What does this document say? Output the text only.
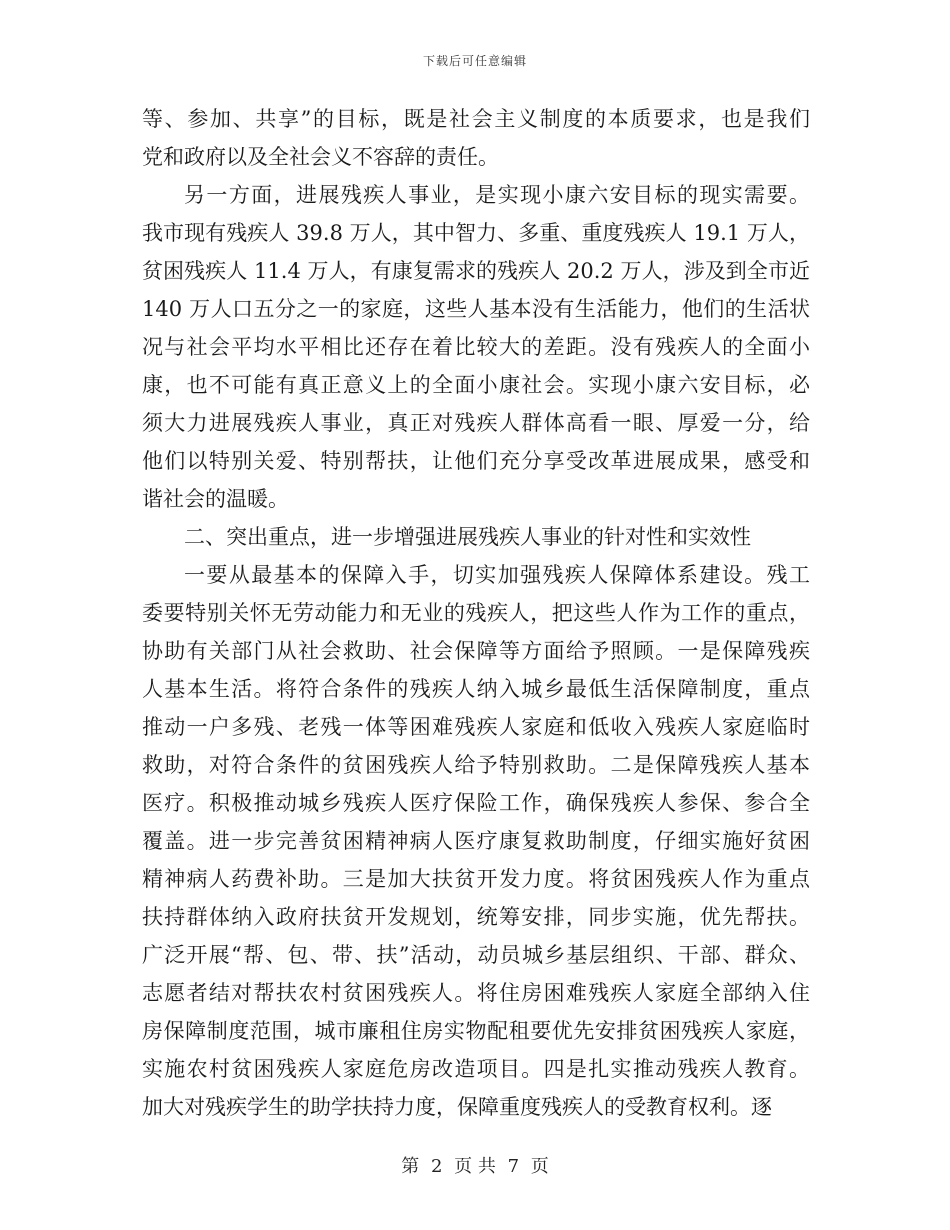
下载后可任意编辑
等、参加、共享”的目标，既是社会主义制度的本质要求，也是我们
党和政府以及全社会义不容辞的责任。
另一方面，进展残疾人事业，是实现小康六安目标的现实需要。
我市现有残疾人 39.8 万人，其中智力、多重、重度残疾人 19.1 万人，
贫困残疾人 11.4 万人，有康复需求的残疾人 20.2 万人，涉及到全市近
140 万人口五分之一的家庭，这些人基本没有生活能力，他们的生活状
况与社会平均水平相比还存在着比较大的差距。没有残疾人的全面小
康，也不可能有真正意义上的全面小康社会。实现小康六安目标，必
须大力进展残疾人事业，真正对残疾人群体高看一眼、厚爱一分，给
他们以特别关爱、特别帮扶，让他们充分享受改革进展成果，感受和
谐社会的温暖。
二、突出重点，进一步增强进展残疾人事业的针对性和实效性
一要从最基本的保障入手，切实加强残疾人保障体系建设。残工
委要特别关怀无劳动能力和无业的残疾人，把这些人作为工作的重点，
协助有关部门从社会救助、社会保障等方面给予照顾。一是保障残疾
人基本生活。将符合条件的残疾人纳入城乡最低生活保障制度，重点
推动一户多残、老残一体等困难残疾人家庭和低收入残疾人家庭临时
救助，对符合条件的贫困残疾人给予特别救助。二是保障残疾人基本
医疗。积极推动城乡残疾人医疗保险工作，确保残疾人参保、参合全
覆盖。进一步完善贫困精神病人医疗康复救助制度，仔细实施好贫困
精神病人药费补助。三是加大扶贫开发力度。将贫困残疾人作为重点
扶持群体纳入政府扶贫开发规划，统筹安排，同步实施，优先帮扶。
广泛开展“帮、包、带、扶”活动，动员城乡基层组织、干部、群众、
志愿者结对帮扶农村贫困残疾人。将住房困难残疾人家庭全部纳入住
房保障制度范围，城市廉租住房实物配租要优先安排贫困残疾人家庭，
实施农村贫困残疾人家庭危房改造项目。四是扎实推动残疾人教育。
加大对残疾学生的助学扶持力度，保障重度残疾人的受教育权利。逐
第 2 页 共 7 页
